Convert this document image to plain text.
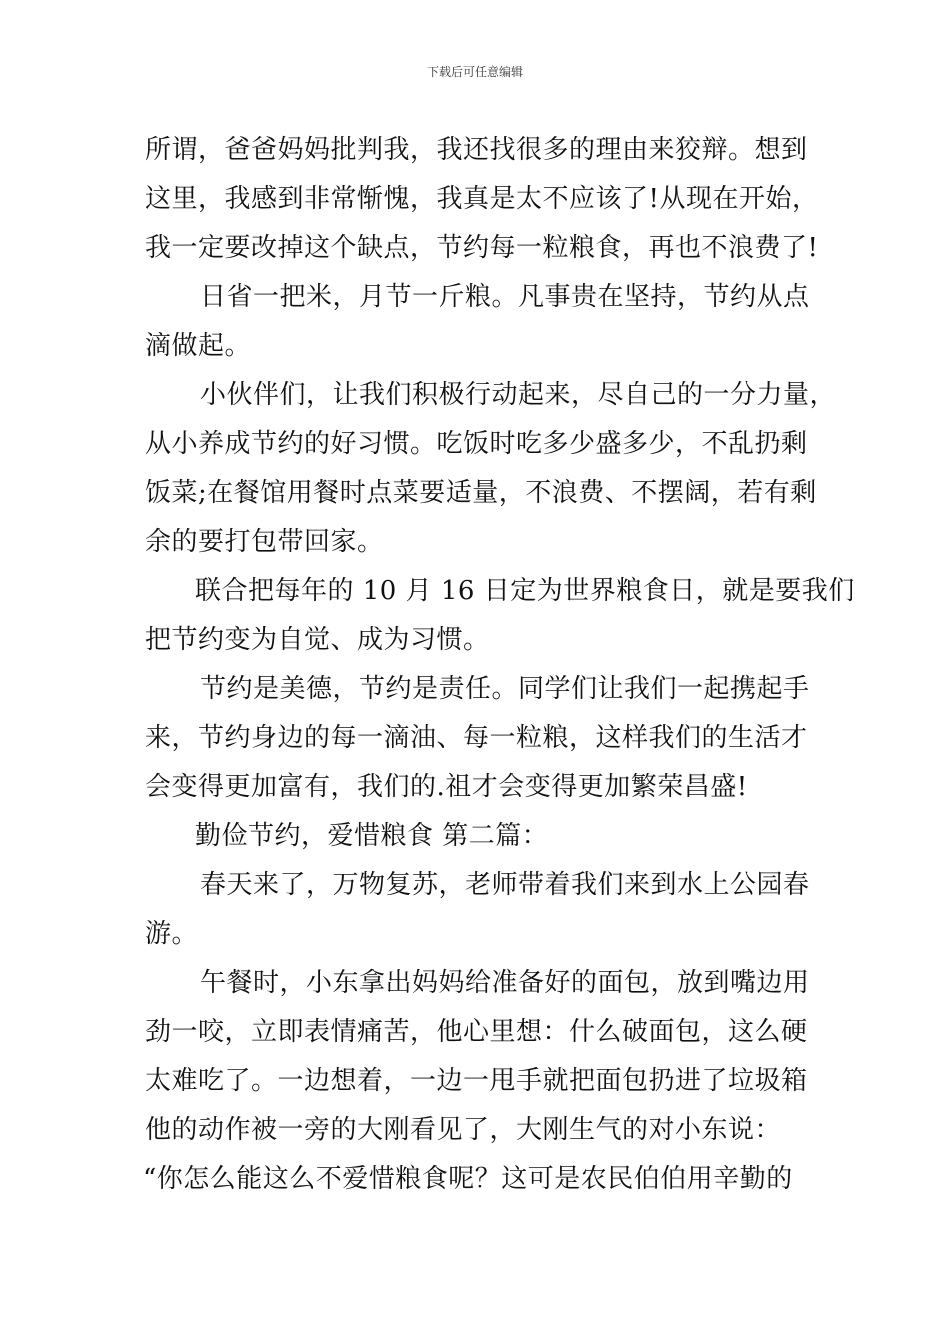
下载后可任意编辑
所谓，爸爸妈妈批判我，我还找很多的理由来狡辩。想到
这里，我感到非常惭愧，我真是太不应该了!从现在开始，
我一定要改掉这个缺点，节约每一粒粮食，再也不浪费了!
日省一把米，月节一斤粮。凡事贵在坚持，节约从点
滴做起。
小伙伴们，让我们积极行动起来，尽自己的一分力量，
从小养成节约的好习惯。吃饭时吃多少盛多少，不乱扔剩
饭菜;在餐馆用餐时点菜要适量，不浪费、不摆阔，若有剩
余的要打包带回家。
联合把每年的 10 月 16 日定为世界粮食日，就是要我们
把节约变为自觉、成为习惯。
节约是美德，节约是责任。同学们让我们一起携起手
来，节约身边的每一滴油、每一粒粮，这样我们的生活才
会变得更加富有，我们的.祖才会变得更加繁荣昌盛!
勤俭节约，爱惜粮食 第二篇：
春天来了，万物复苏，老师带着我们来到水上公园春
游。
午餐时，小东拿出妈妈给准备好的面包，放到嘴边用
劲一咬，立即表情痛苦，他心里想：什么破面包，这么硬
太难吃了。一边想着，一边一甩手就把面包扔进了垃圾箱
他的动作被一旁的大刚看见了，大刚生气的对小东说：
“你怎么能这么不爱惜粮食呢？这可是农民伯伯用辛勤的
